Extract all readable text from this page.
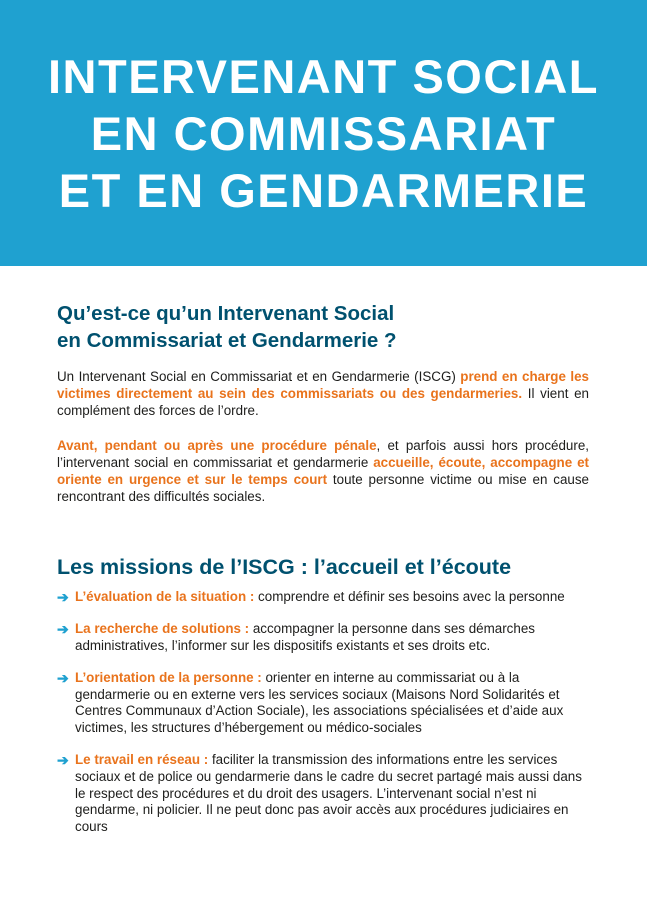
INTERVENANT SOCIAL
EN COMMISSARIAT
ET EN GENDARMERIE
Qu’est-ce qu’un Intervenant Social
en Commissariat et Gendarmerie ?

Un Intervenant Social en Commissariat et en Gendarmerie (ISCG) prend en charge les victimes directement au sein des commissariats ou des gendarmeries. Il vient en complément des forces de l’ordre.

Avant, pendant ou après une procédure pénale, et parfois aussi hors procédure, l’intervenant social en commissariat et gendarmerie accueille, écoute, accompagne et oriente en urgence et sur le temps court toute personne victime ou mise en cause rencontrant des difficultés sociales.

Les missions de l’ISCG : l’accueil et l’écoute
➔ L’évaluation de la situation : comprendre et définir ses besoins avec la personne
➔ La recherche de solutions : accompagner la personne dans ses démarches administratives, l’informer sur les dispositifs existants et ses droits etc.
➔ L’orientation de la personne : orienter en interne au commissariat ou à la gendarmerie ou en externe vers les services sociaux (Maisons Nord Solidarités et Centres Communaux d’Action Sociale), les associations spécialisées et d’aide aux victimes, les structures d’hébergement ou médico-sociales
➔ Le travail en réseau : faciliter la transmission des informations entre les services sociaux et de police ou gendarmerie dans le cadre du secret partagé mais aussi dans le respect des procédures et du droit des usagers. L’intervenant social n’est ni gendarme, ni policier. Il ne peut donc pas avoir accès aux procédures judiciaires en cours
